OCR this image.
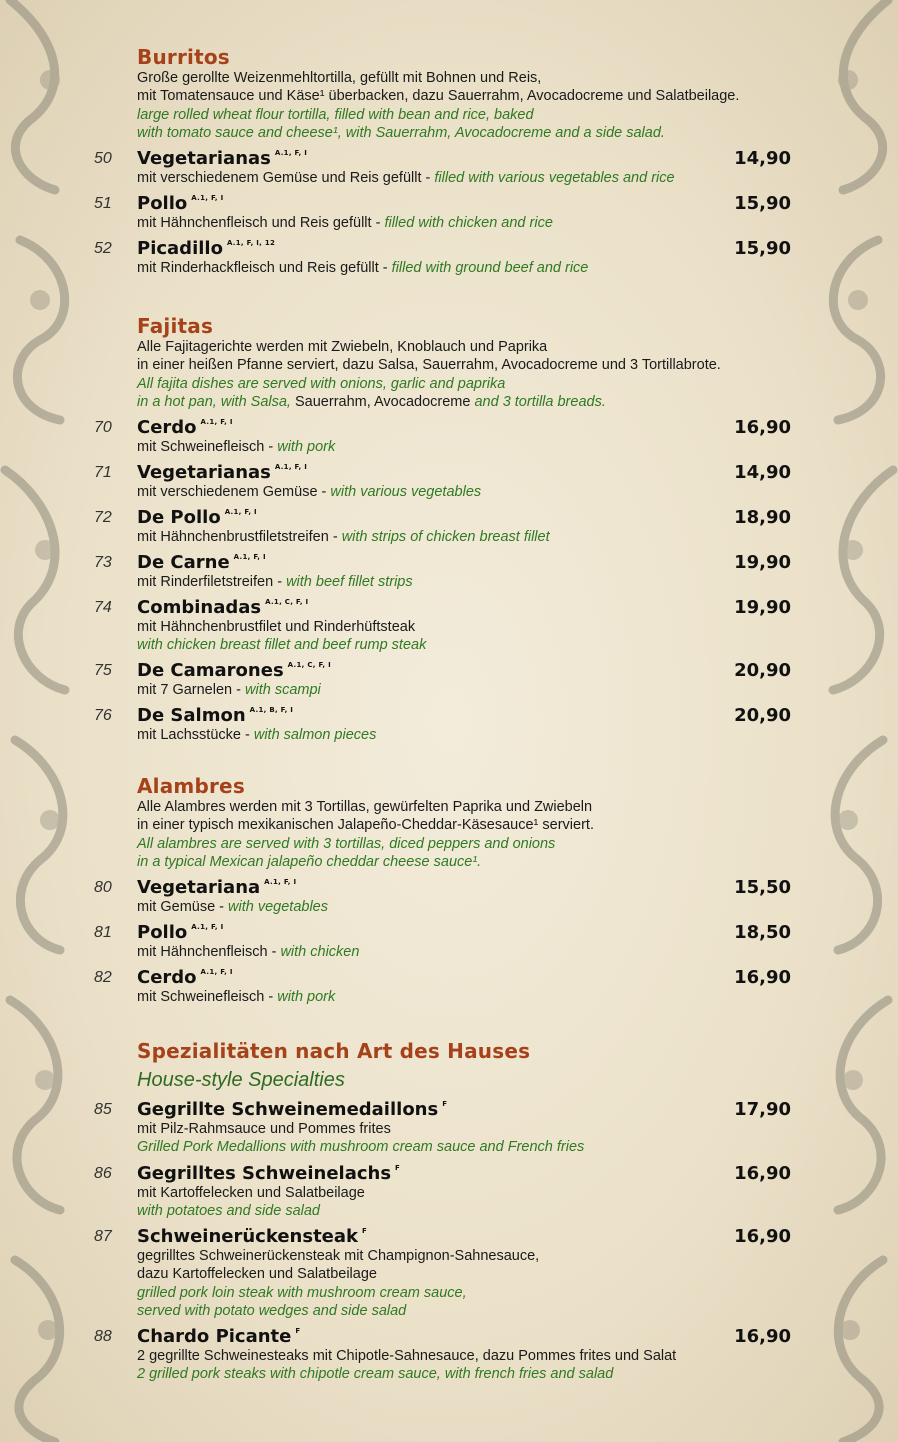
Burritos
Große gerollte Weizenmehltortilla, gefüllt mit Bohnen und Reis,
mit Tomatensauce und Käse¹ überbacken, dazu Sauerrahm, Avocadocreme und Salatbeilage.
large rolled wheat flour tortilla, filled with bean and rice, baked
with tomato sauce and cheese¹, with Sauerrahm, Avocadocreme and a side salad.
50 Vegetarianas $^{A.1, F, I}$	14,90
mit verschiedenem Gemüse und Reis gefüllt - filled with various vegetables and rice
51 Pollo $^{A.1, F, I}$	15,90
mit Hähnchenfleisch und Reis gefüllt - filled with chicken and rice
52 Picadillo $^{A.1, F, I, 12}$	15,90
mit Rinderhackfleisch und Reis gefüllt - filled with ground beef and rice
Fajitas
Alle Fajitagerichte werden mit Zwiebeln, Knoblauch und Paprika
in einer heißen Pfanne serviert, dazu Salsa, Sauerrahm, Avocadocreme und 3 Tortillabrote.
All fajita dishes are served with onions, garlic and paprika
in a hot pan, with Salsa, Sauerrahm, Avocadocreme and 3 tortilla breads.
70 Cerdo $^{A.1, F, I}$	16,90
mit Schweinefleisch - with pork
71 Vegetarianas $^{A.1, F, I}$	14,90
mit verschiedenem Gemüse - with various vegetables
72 De Pollo $^{A.1, F, I}$	18,90
mit Hähnchenbrustfiletstreifen - with strips of chicken breast fillet
73 De Carne $^{A.1, F, I}$	19,90
mit Rinderfiletstreifen - with beef fillet strips
74 Combinadas $^{A.1, C, F, I}$	19,90
mit Hähnchenbrustfilet und Rinderhüftsteak
with chicken breast fillet and beef rump steak
75 De Camarones $^{A.1, C, F, I}$	20,90
mit 7 Garnelen - with scampi
76 De Salmon $^{A.1, B, F, I}$	20,90
mit Lachsstücke - with salmon pieces
Alambres
Alle Alambres werden mit 3 Tortillas, gewürfelten Paprika und Zwiebeln
in einer typisch mexikanischen Jalapeño-Cheddar-Käsesauce¹ serviert.
All alambres are served with 3 tortillas, diced peppers and onions
in a typical Mexican jalapeño cheddar cheese sauce¹.
80 Vegetariana $^{A.1, F, I}$	15,50
mit Gemüse - with vegetables
81 Pollo $^{A.1, F, I}$	18,50
mit Hähnchenfleisch - with chicken
82 Cerdo $^{A.1, F, I}$	16,90
mit Schweinefleisch - with pork
Spezialitäten nach Art des Hauses
House-style Specialties
85 Gegrillte Schweinemedaillons $^F$	17,90
mit Pilz-Rahmsauce und Pommes frites
Grilled Pork Medallions with mushroom cream sauce and French fries
86 Gegrilltes Schweinelachs $^F$	16,90
mit Kartoffelecken und Salatbeilage
with potatoes and side salad
87 Schweinerückensteak $^F$	16,90
gegrilltes Schweinerückensteak mit Champignon-Sahnesauce,
dazu Kartoffelecken und Salatbeilage
grilled pork loin steak with mushroom cream sauce,
served with potato wedges and side salad
88 Chardo Picante $^F$	16,90
2 gegrillte Schweinesteaks mit Chipotle-Sahnesauce, dazu Pommes frites und Salat
2 grilled pork steaks with chipotle cream sauce, with french fries and salad
